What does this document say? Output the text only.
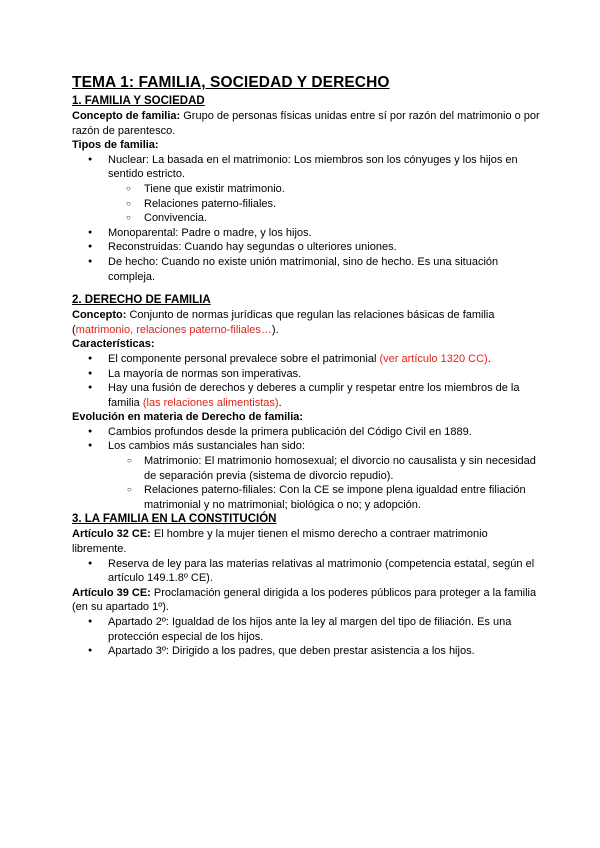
TEMA 1: FAMILIA, SOCIEDAD Y DERECHO
1. FAMILIA Y SOCIEDAD

Concepto de familia: Grupo de personas físicas unidas entre sí por razón del matrimonio o por razón de parentesco.

Tipos de familia:

● Nuclear: La basada en el matrimonio: Los miembros son los cónyuges y los hijos en sentido estricto.
○ Tiene que existir matrimonio.
○ Relaciones paterno-filiales.
○ Convivencia.
● Monoparental: Padre o madre, y los hijos.
● Reconstruidas: Cuando hay segundas o ulteriores uniones.
● De hecho: Cuando no existe unión matrimonial, sino de hecho. Es una situación compleja.
2. DERECHO DE FAMILIA

Concepto: Conjunto de normas jurídicas que regulan las relaciones básicas de familia (matrimonio, relaciones paterno-filiales…).

Características:

● El componente personal prevalece sobre el patrimonial (ver artículo 1320 CC).
● La mayoría de normas son imperativas.
● Hay una fusión de derechos y deberes a cumplir y respetar entre los miembros de la familia (las relaciones alimentistas).

Evolución en materia de Derecho de familia:

● Cambios profundos desde la primera publicación del Código Civil en 1889.
● Los cambios más sustanciales han sido:
○ Matrimonio: El matrimonio homosexual; el divorcio no causalista y sin necesidad de separación previa (sistema de divorcio repudio).
○ Relaciones paterno-filiales: Con la CE se impone plena igualdad entre filiación matrimonial y no matrimonial; biológica o no; y adopción.
3. LA FAMILIA EN LA CONSTITUCIÓN

Artículo 32 CE: El hombre y la mujer tienen el mismo derecho a contraer matrimonio libremente.

● Reserva de ley para las materias relativas al matrimonio (competencia estatal, según el artículo 149.1.8º CE).

Artículo 39 CE: Proclamación general dirigida a los poderes públicos para proteger a la familia (en su apartado 1º).

● Apartado 2º: Igualdad de los hijos ante la ley al margen del tipo de filiación. Es una protección especial de los hijos.
● Apartado 3º: Dirigido a los padres, que deben prestar asistencia a los hijos.
